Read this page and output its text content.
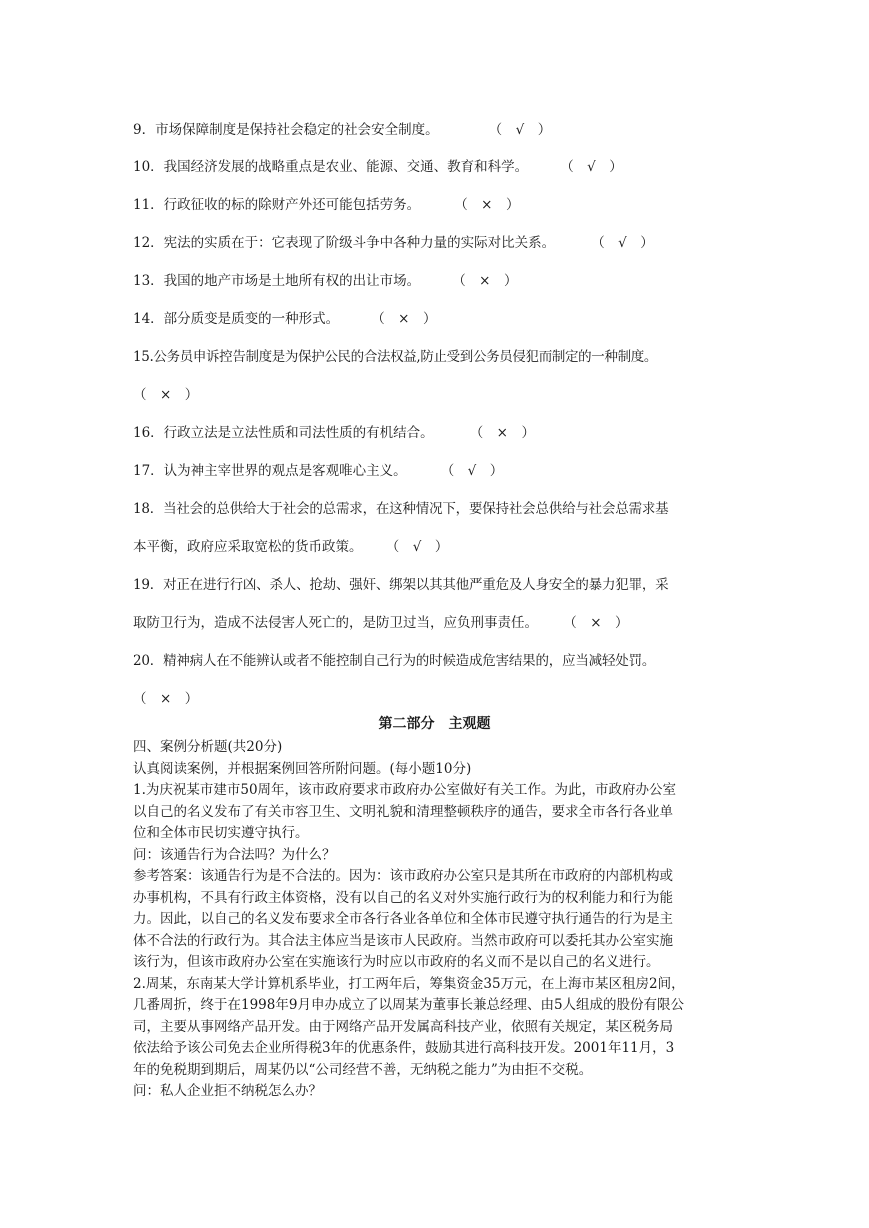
9．市场保障制度是保持社会稳定的社会安全制度。	（　√　）
10．我国经济发展的战略重点是农业、能源、交通、教育和科学。 （　√　）
11．行政征收的标的除财产外还可能包括劳务。	（　×　）
12．宪法的实质在于：它表现了阶级斗争中各种力量的实际对比关系。	（　√　）
13．我国的地产市场是土地所有权的出让市场。 （　×　）
14．部分质变是质变的一种形式。 （　×　）
15.公务员申诉控告制度是为保护公民的合法权益,防止受到公务员侵犯而制定的一种制度。
（　×　）
16．行政立法是立法性质和司法性质的有机结合。	（　×　）
17．认为神主宰世界的观点是客观唯心主义。	（　√　）
18．当社会的总供给大于社会的总需求，在这种情况下，要保持社会总供给与社会总需求基
本平衡，政府应采取宽松的货币政策。 （　√　）
19．对正在进行行凶、杀人、抢劫、强奸、绑架以其其他严重危及人身安全的暴力犯罪，采
取防卫行为，造成不法侵害人死亡的，是防卫过当，应负刑事责任。 （　×　）
20．精神病人在不能辨认或者不能控制自己行为的时候造成危害结果的，应当减轻处罚。
（　×　）
第二部分　主观题

四、案例分析题(共20分)

认真阅读案例，并根据案例回答所附问题。(每小题10分)

1.为庆祝某市建市50周年，该市政府要求市政府办公室做好有关工作。为此，市政府办公室

以自己的名义发布了有关市容卫生、文明礼貌和清理整顿秩序的通告，要求全市各行各业单

位和全体市民切实遵守执行。

问：该通告行为合法吗？为什么？

参考答案：该通告行为是不合法的。因为：该市政府办公室只是其所在市政府的内部机构或

办事机构，不具有行政主体资格，没有以自己的名义对外实施行政行为的权利能力和行为能

力。因此，以自己的名义发布要求全市各行各业各单位和全体市民遵守执行通告的行为是主

体不合法的行政行为。其合法主体应当是该市人民政府。当然市政府可以委托其办公室实施

该行为，但该市政府办公室在实施该行为时应以市政府的名义而不是以自己的名义进行。

2.周某，东南某大学计算机系毕业，打工两年后，筹集资金35万元，在上海市某区租房2间，

几番周折，终于在1998年9月申办成立了以周某为董事长兼总经理、由5人组成的股份有限公

司，主要从事网络产品开发。由于网络产品开发属高科技产业，依照有关规定，某区税务局

依法给予该公司免去企业所得税3年的优惠条件，鼓励其进行高科技开发。2001年11月，3

年的免税期到期后，周某仍以“公司经营不善，无纳税之能力”为由拒不交税。

问：私人企业拒不纳税怎么办？
